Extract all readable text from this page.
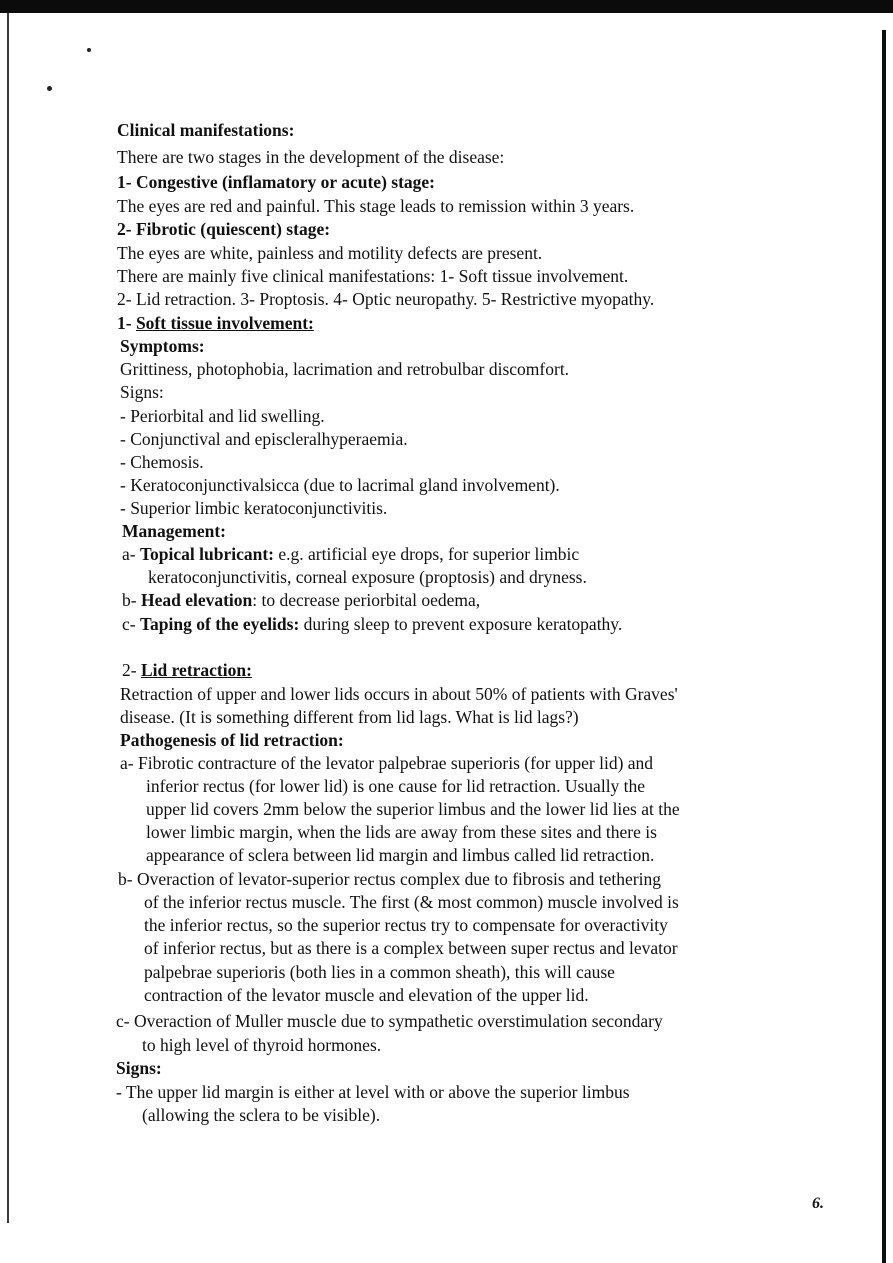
Clinical manifestations:
There are two stages in the development of the disease:
1- Congestive (inflamatory or acute) stage:
The eyes are red and painful. This stage leads to remission within 3 years.
2- Fibrotic (quiescent) stage:
The eyes are white, painless and motility defects are present.
There are mainly five clinical manifestations: 1- Soft tissue involvement.
2- Lid retraction. 3- Proptosis. 4- Optic neuropathy. 5- Restrictive myopathy.
1- Soft tissue involvement:
Symptoms:
Grittiness, photophobia, lacrimation and retrobulbar discomfort.
Signs:
- Periorbital and lid swelling.
- Conjunctival and episcleralhyperaemia.
- Chemosis.
- Keratoconjunctivalsicca (due to lacrimal gland involvement).
- Superior limbic keratoconjunctivitis.
Management:
a- Topical lubricant: e.g. artificial eye drops, for superior limbic
keratoconjunctivitis, corneal exposure (proptosis) and dryness.
b- Head elevation: to decrease periorbital oedema,
c- Taping of the eyelids: during sleep to prevent exposure keratopathy.
2- Lid retraction:
Retraction of upper and lower lids occurs in about 50% of patients with Graves'
disease. (It is something different from lid lags. What is lid lags?)
Pathogenesis of lid retraction:
a- Fibrotic contracture of the levator palpebrae superioris (for upper lid) and
inferior rectus (for lower lid) is one cause for lid retraction. Usually the
upper lid covers 2mm below the superior limbus and the lower lid lies at the
lower limbic margin, when the lids are away from these sites and there is
appearance of sclera between lid margin and limbus called lid retraction.
b- Overaction of levator-superior rectus complex due to fibrosis and tethering
of the inferior rectus muscle. The first (& most common) muscle involved is
the inferior rectus, so the superior rectus try to compensate for overactivity
of inferior rectus, but as there is a complex between super rectus and levator
palpebrae superioris (both lies in a common sheath), this will cause
contraction of the levator muscle and elevation of the upper lid.
c- Overaction of Muller muscle due to sympathetic overstimulation secondary
to high level of thyroid hormones.
Signs:
- The upper lid margin is either at level with or above the superior limbus
(allowing the sclera to be visible).
6.
